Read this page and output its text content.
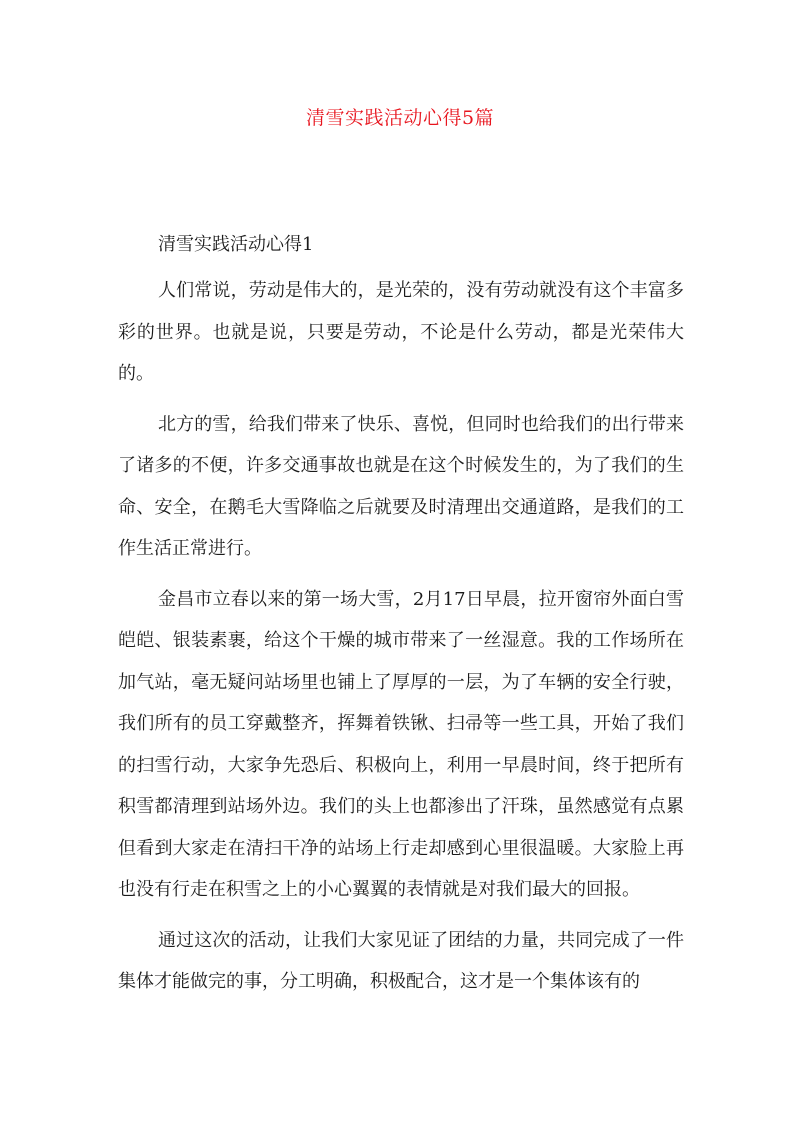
清雪实践活动心得5篇
清雪实践活动心得1

人们常说，劳动是伟大的，是光荣的，没有劳动就没有这个丰富多彩的世界。也就是说，只要是劳动，不论是什么劳动，都是光荣伟大的。

北方的雪，给我们带来了快乐、喜悦，但同时也给我们的出行带来了诸多的不便，许多交通事故也就是在这个时候发生的，为了我们的生命、安全，在鹅毛大雪降临之后就要及时清理出交通道路，是我们的工作生活正常进行。

金昌市立春以来的第一场大雪，2月17日早晨，拉开窗帘外面白雪皑皑、银装素裹，给这个干燥的城市带来了一丝湿意。我的工作场所在加气站，毫无疑问站场里也铺上了厚厚的一层，为了车辆的安全行驶，我们所有的员工穿戴整齐，挥舞着铁锹、扫帚等一些工具，开始了我们的扫雪行动，大家争先恐后、积极向上，利用一早晨时间，终于把所有积雪都清理到站场外边。我们的头上也都渗出了汗珠，虽然感觉有点累但看到大家走在清扫干净的站场上行走却感到心里很温暖。大家脸上再也没有行走在积雪之上的小心翼翼的表情就是对我们最大的回报。

通过这次的活动，让我们大家见证了团结的力量，共同完成了一件集体才能做完的事，分工明确，积极配合，这才是一个集体该有的
